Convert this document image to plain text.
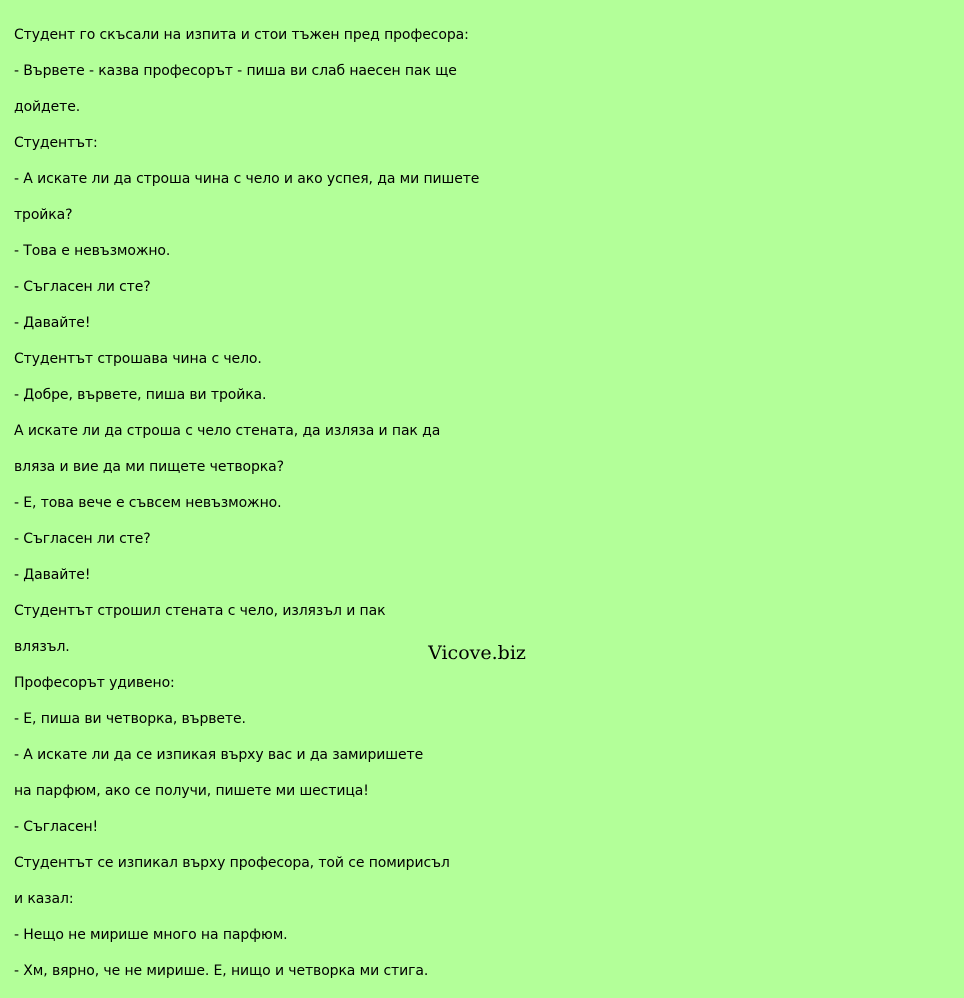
Студент го скъсали на изпита и стои тъжен пред професора:

- Вървете - казва професорът - пиша ви слаб наесен пак ще

дойдете.

Студентът:

- А искате ли да строша чина с чело и ако успея, да ми пишете

тройка?

- Това е невъзможно.

- Съгласен ли сте?

- Давайте!

Студентът строшава чина с чело.

- Добре, вървете, пиша ви тройка.

А искате ли да строша с чело стената, да изляза и пак да

вляза и вие да ми пищете четворка?

- Е, това вече е съвсем невъзможно.

- Съгласен ли сте?

- Давайте!

Студентът строшил стената с чело, излязъл и пак

влязъл.

Професорът удивено:

- Е, пиша ви четворка, вървете.

- А искате ли да се изпикая върху вас и да замиришете

на парфюм, ако се получи, пишете ми шестица!

- Съгласен!

Студентът се изпикал върху професора, той се помирисъл

и казал:

- Нещо не мирише много на парфюм.

- Хм, вярно, че не мирише. Е, нищо и четворка ми стига.

Vicove.biz
